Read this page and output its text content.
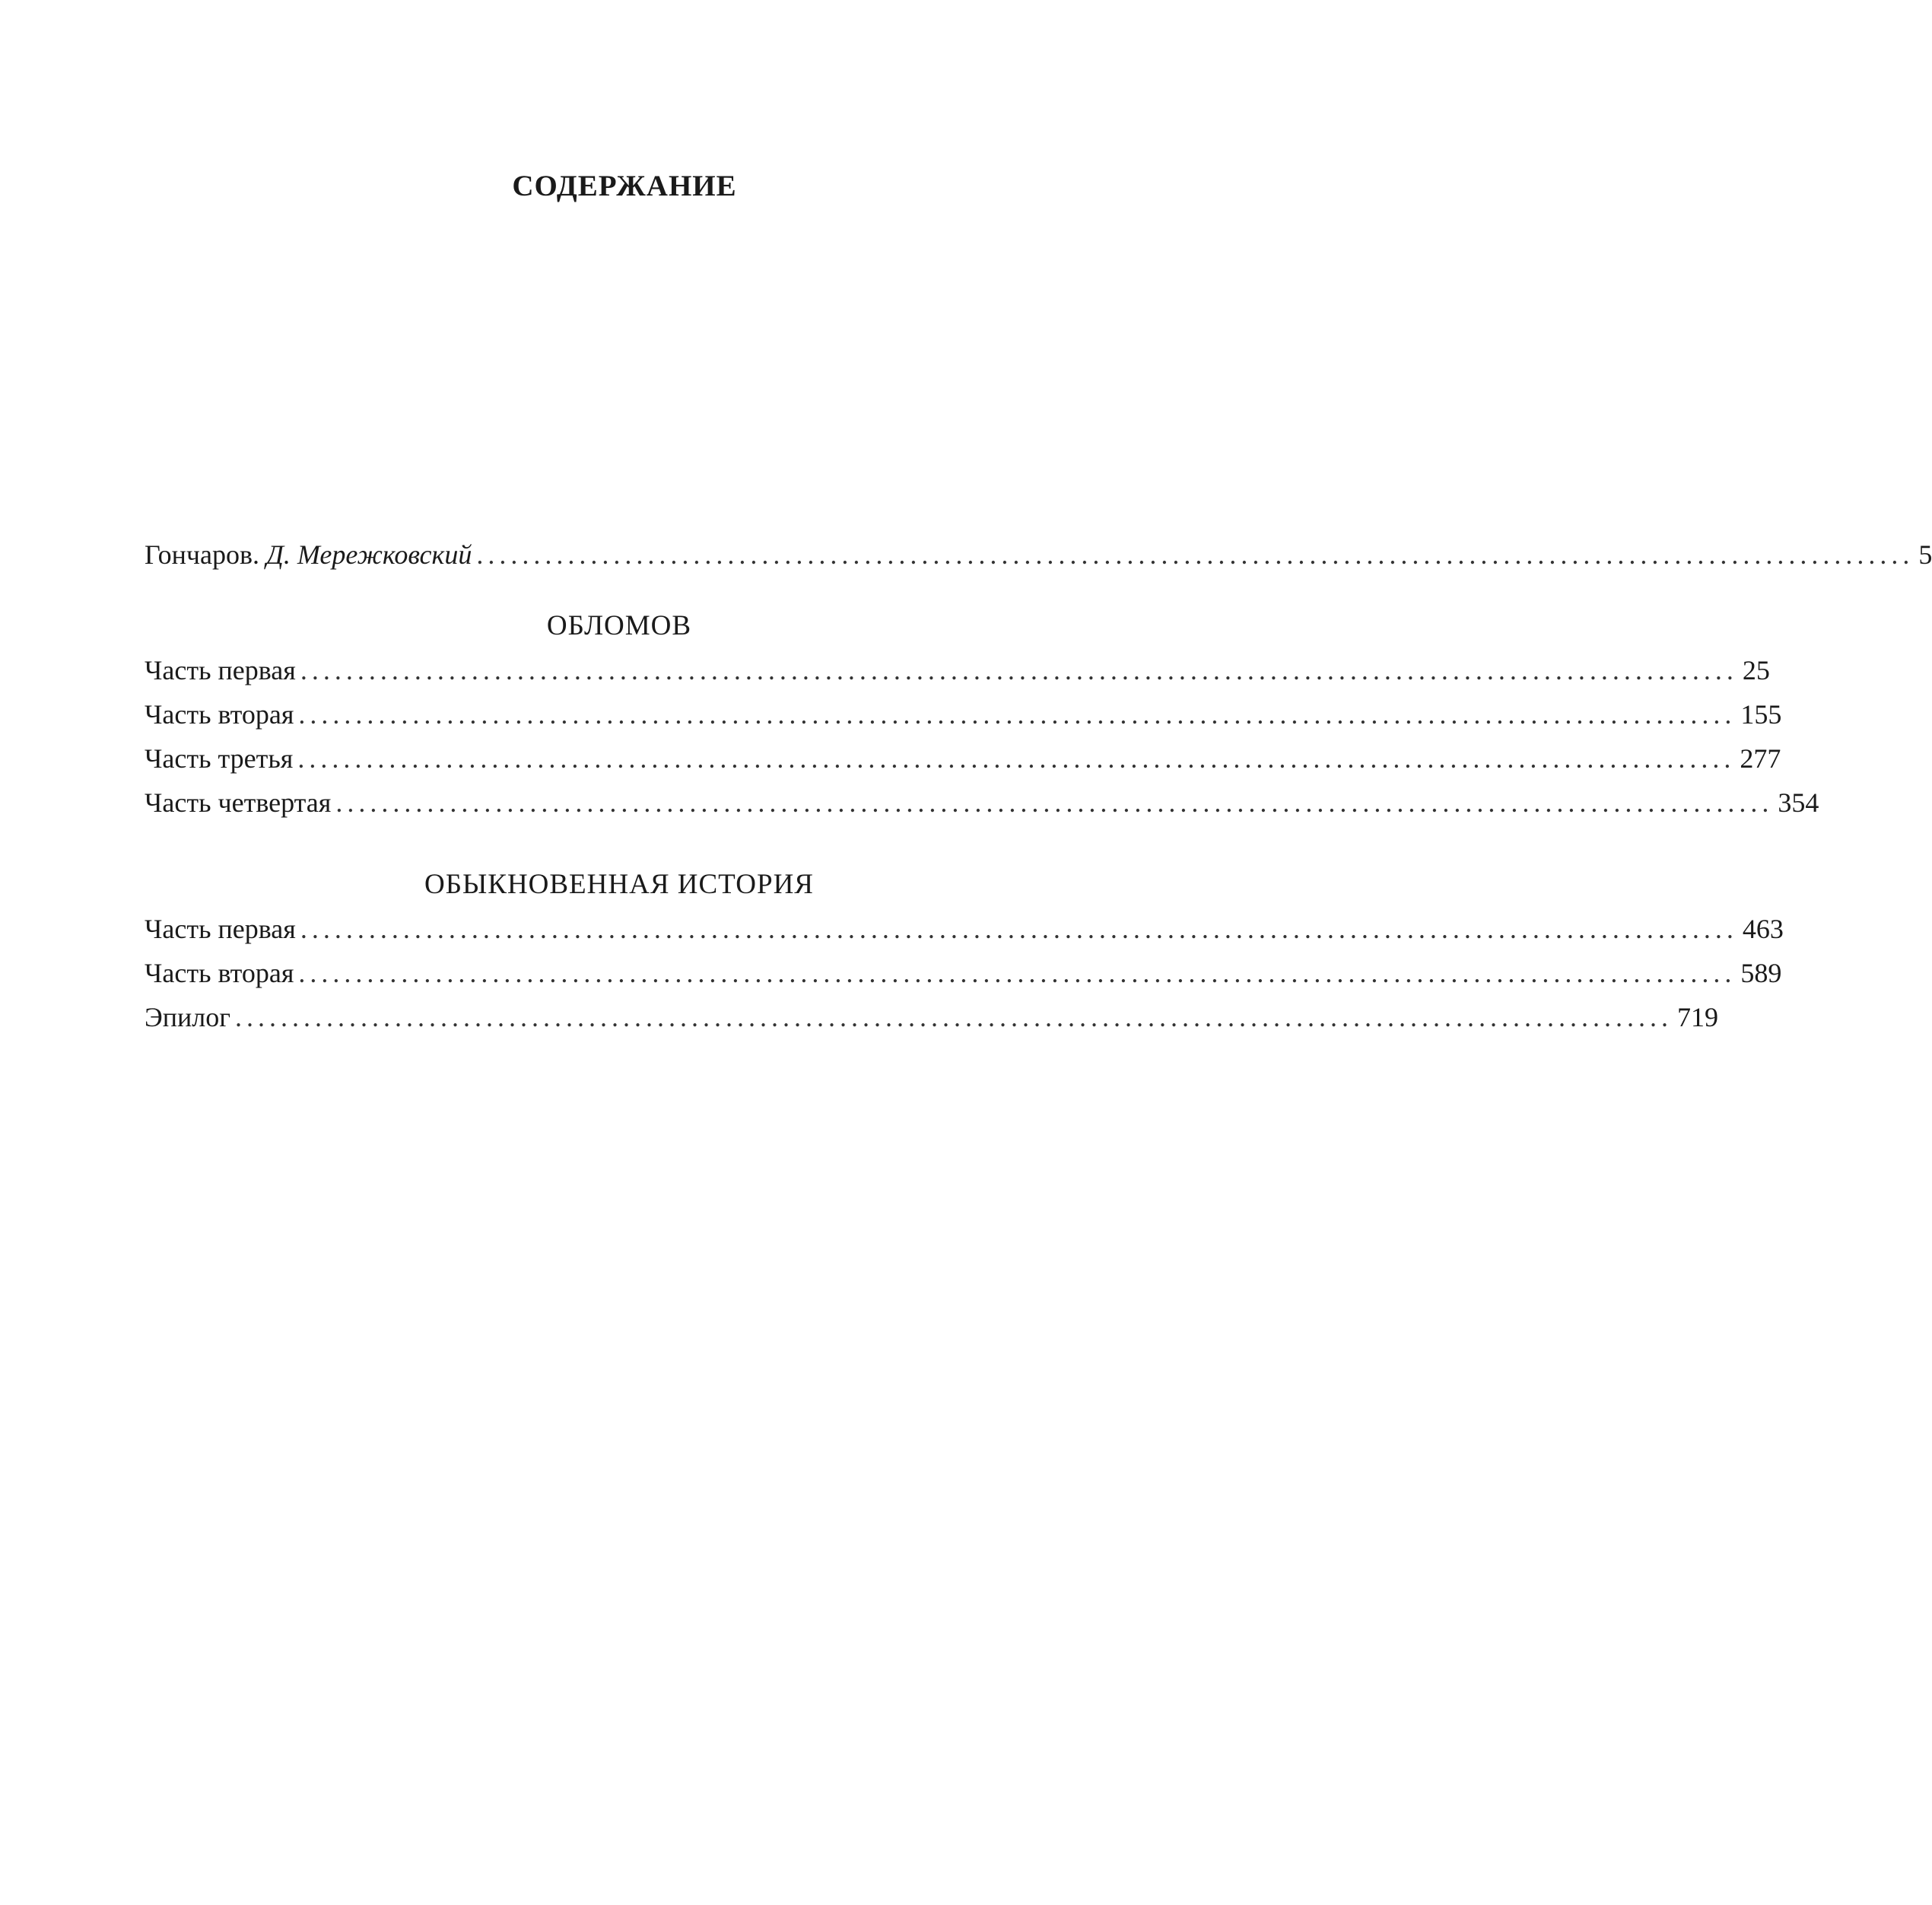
СОДЕРЖАНИЕ
Гончаров. Д. Мережковский .............................................................................................................................. 5
ОБЛОМОВ
Часть первая .............................................................................................................................. 25
Часть вторая .............................................................................................................................. 155
Часть третья .............................................................................................................................. 277
Часть четвертая .............................................................................................................................. 354
ОБЫКНОВЕННАЯ ИСТОРИЯ
Часть первая .............................................................................................................................. 463
Часть вторая .............................................................................................................................. 589
Эпилог .............................................................................................................................. 719
